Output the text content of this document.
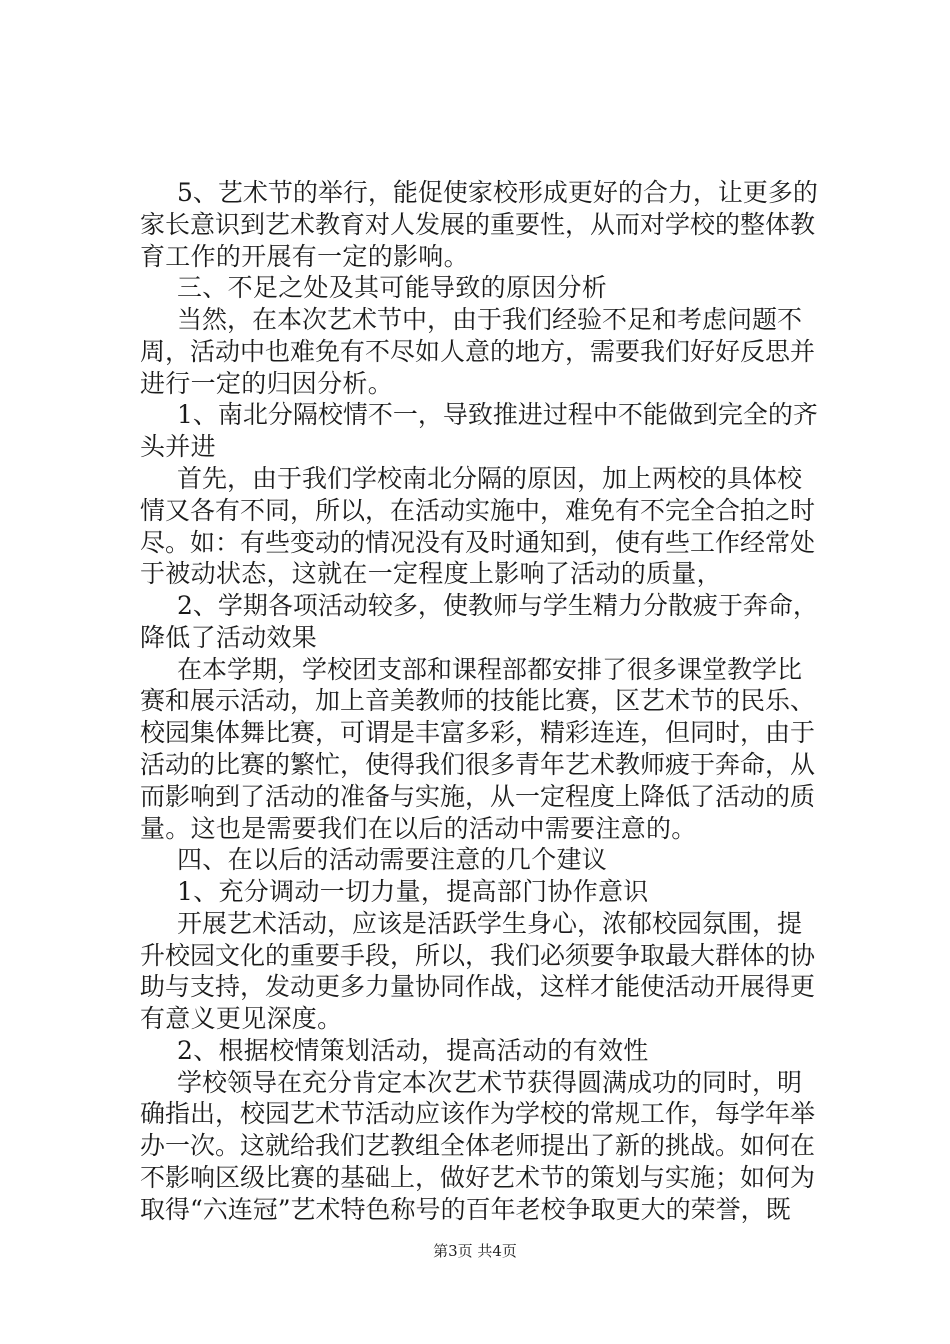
5、艺术节的举行，能促使家校形成更好的合力，让更多的
家长意识到艺术教育对人发展的重要性，从而对学校的整体教
育工作的开展有一定的影响。
三、不足之处及其可能导致的原因分析
当然，在本次艺术节中，由于我们经验不足和考虑问题不
周，活动中也难免有不尽如人意的地方，需要我们好好反思并
进行一定的归因分析。
1、南北分隔校情不一，导致推进过程中不能做到完全的齐
头并进
首先，由于我们学校南北分隔的原因，加上两校的具体校
情又各有不同，所以，在活动实施中，难免有不完全合拍之时
尽。如：有些变动的情况没有及时通知到，使有些工作经常处
于被动状态，这就在一定程度上影响了活动的质量，
2、学期各项活动较多，使教师与学生精力分散疲于奔命，
降低了活动效果
在本学期，学校团支部和课程部都安排了很多课堂教学比
赛和展示活动，加上音美教师的技能比赛，区艺术节的民乐、
校园集体舞比赛，可谓是丰富多彩，精彩连连，但同时，由于
活动的比赛的繁忙，使得我们很多青年艺术教师疲于奔命，从
而影响到了活动的准备与实施，从一定程度上降低了活动的质
量。这也是需要我们在以后的活动中需要注意的。
四、在以后的活动需要注意的几个建议
1、充分调动一切力量，提高部门协作意识
开展艺术活动，应该是活跃学生身心，浓郁校园氛围，提
升校园文化的重要手段，所以，我们必须要争取最大群体的协
助与支持，发动更多力量协同作战，这样才能使活动开展得更
有意义更见深度。
2、根据校情策划活动，提高活动的有效性
学校领导在充分肯定本次艺术节获得圆满成功的同时，明
确指出，校园艺术节活动应该作为学校的常规工作，每学年举
办一次。这就给我们艺教组全体老师提出了新的挑战。如何在
不影响区级比赛的基础上，做好艺术节的策划与实施；如何为
取得“六连冠”艺术特色称号的百年老校争取更大的荣誉，既
第3页 共4页
